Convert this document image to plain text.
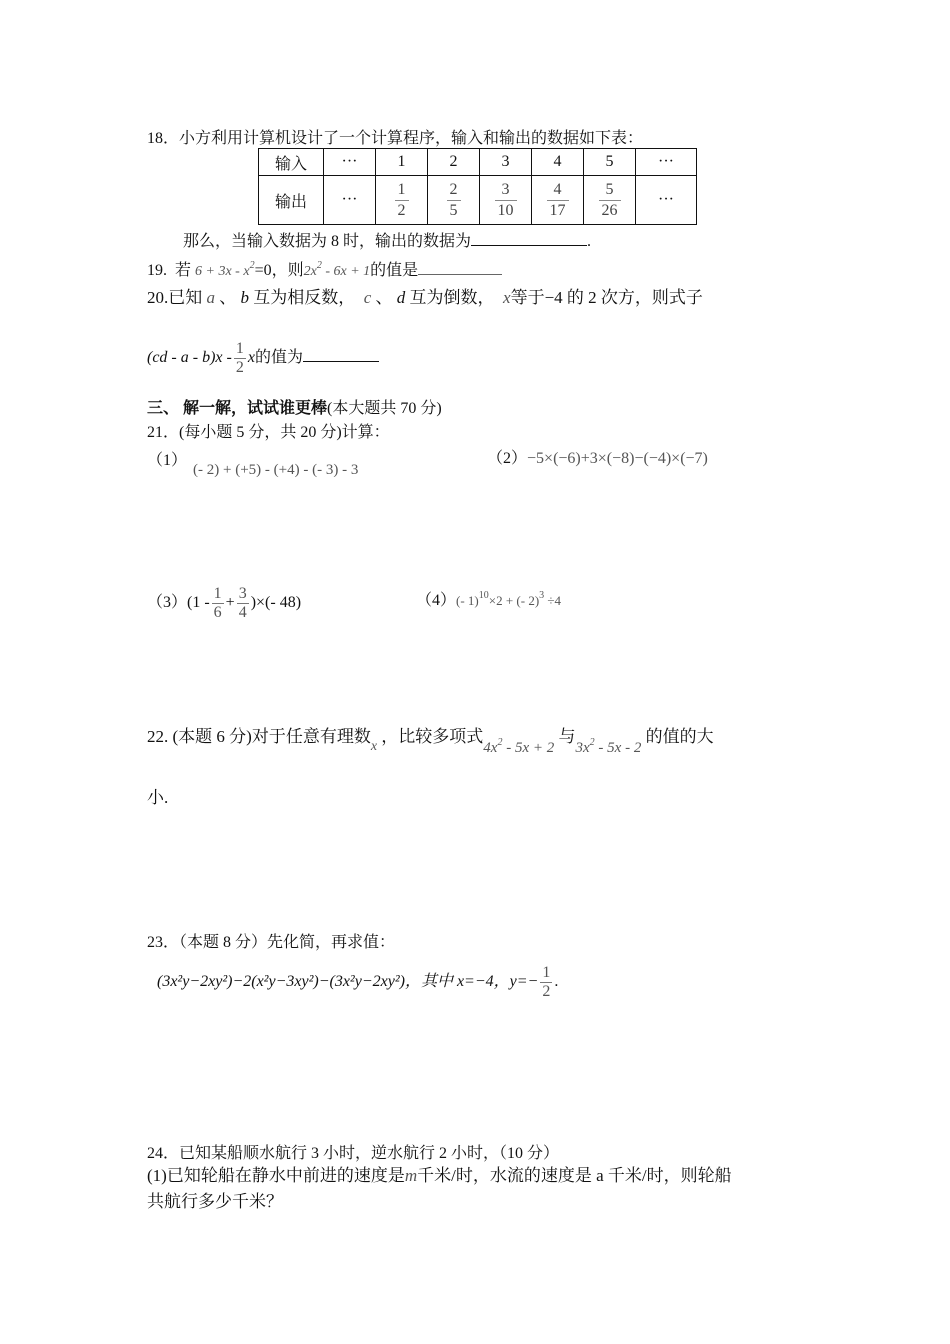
18．小方利用计算机设计了一个计算程序，输入和输出的数据如下表：
输入	···	1	2	3	4	5	···
输出	···	$\frac{1}{2}$	$\frac{2}{5}$	$\frac{3}{10}$	$\frac{4}{17}$	$\frac{5}{26}$	···
那么，当输入数据为 8 时，输出的数据为	.
19. 若 $6 + 3x - x^2=0$，则$2x^2 - 6x + 1$的值是
20.已知 a 、 b 互为相反数， c 、 d 互为倒数， x等于−4 的 2 次方，则式子
(cd - a - $b)x - \frac{1}{2}$ x的值为
三、 解一解，试试谁更棒(本大题共 70 分)
21．(每小题 5 分，共 20 分)计算：
（1）
(- 2) + (+5) - (+4) - (- 3) - 3
（2）−5×(−6)+3×(−8)−(−4)×(−7)
$(3)(1 - \frac{1}{6} + \frac{3}{4}$ )×(- 48)	（4）(- 1)$^{10}$×2 + (- 2)$^3$ ÷4
22. (本题 6 分)对于任意有理数$_x$ ，比较多项式$4x^2 - 5x + 2$ 与$3x^2 - 5x - 2$ 的值的大
小.
23．（本题 8 分）先化简，再求值：
(3x²y−2xy²)−2(x²y−3xy²)−(3x²y−2xy²)，其中 x=−4，$y=- \frac{1}{2}$ .
24．已知某船顺水航行 3 小时，逆水航行 2 小时，（10 分）
(1)已知轮船在静水中前进的速度是m千米/时，水流的速度是 a 千米/时，则轮船
共航行多少千米？
